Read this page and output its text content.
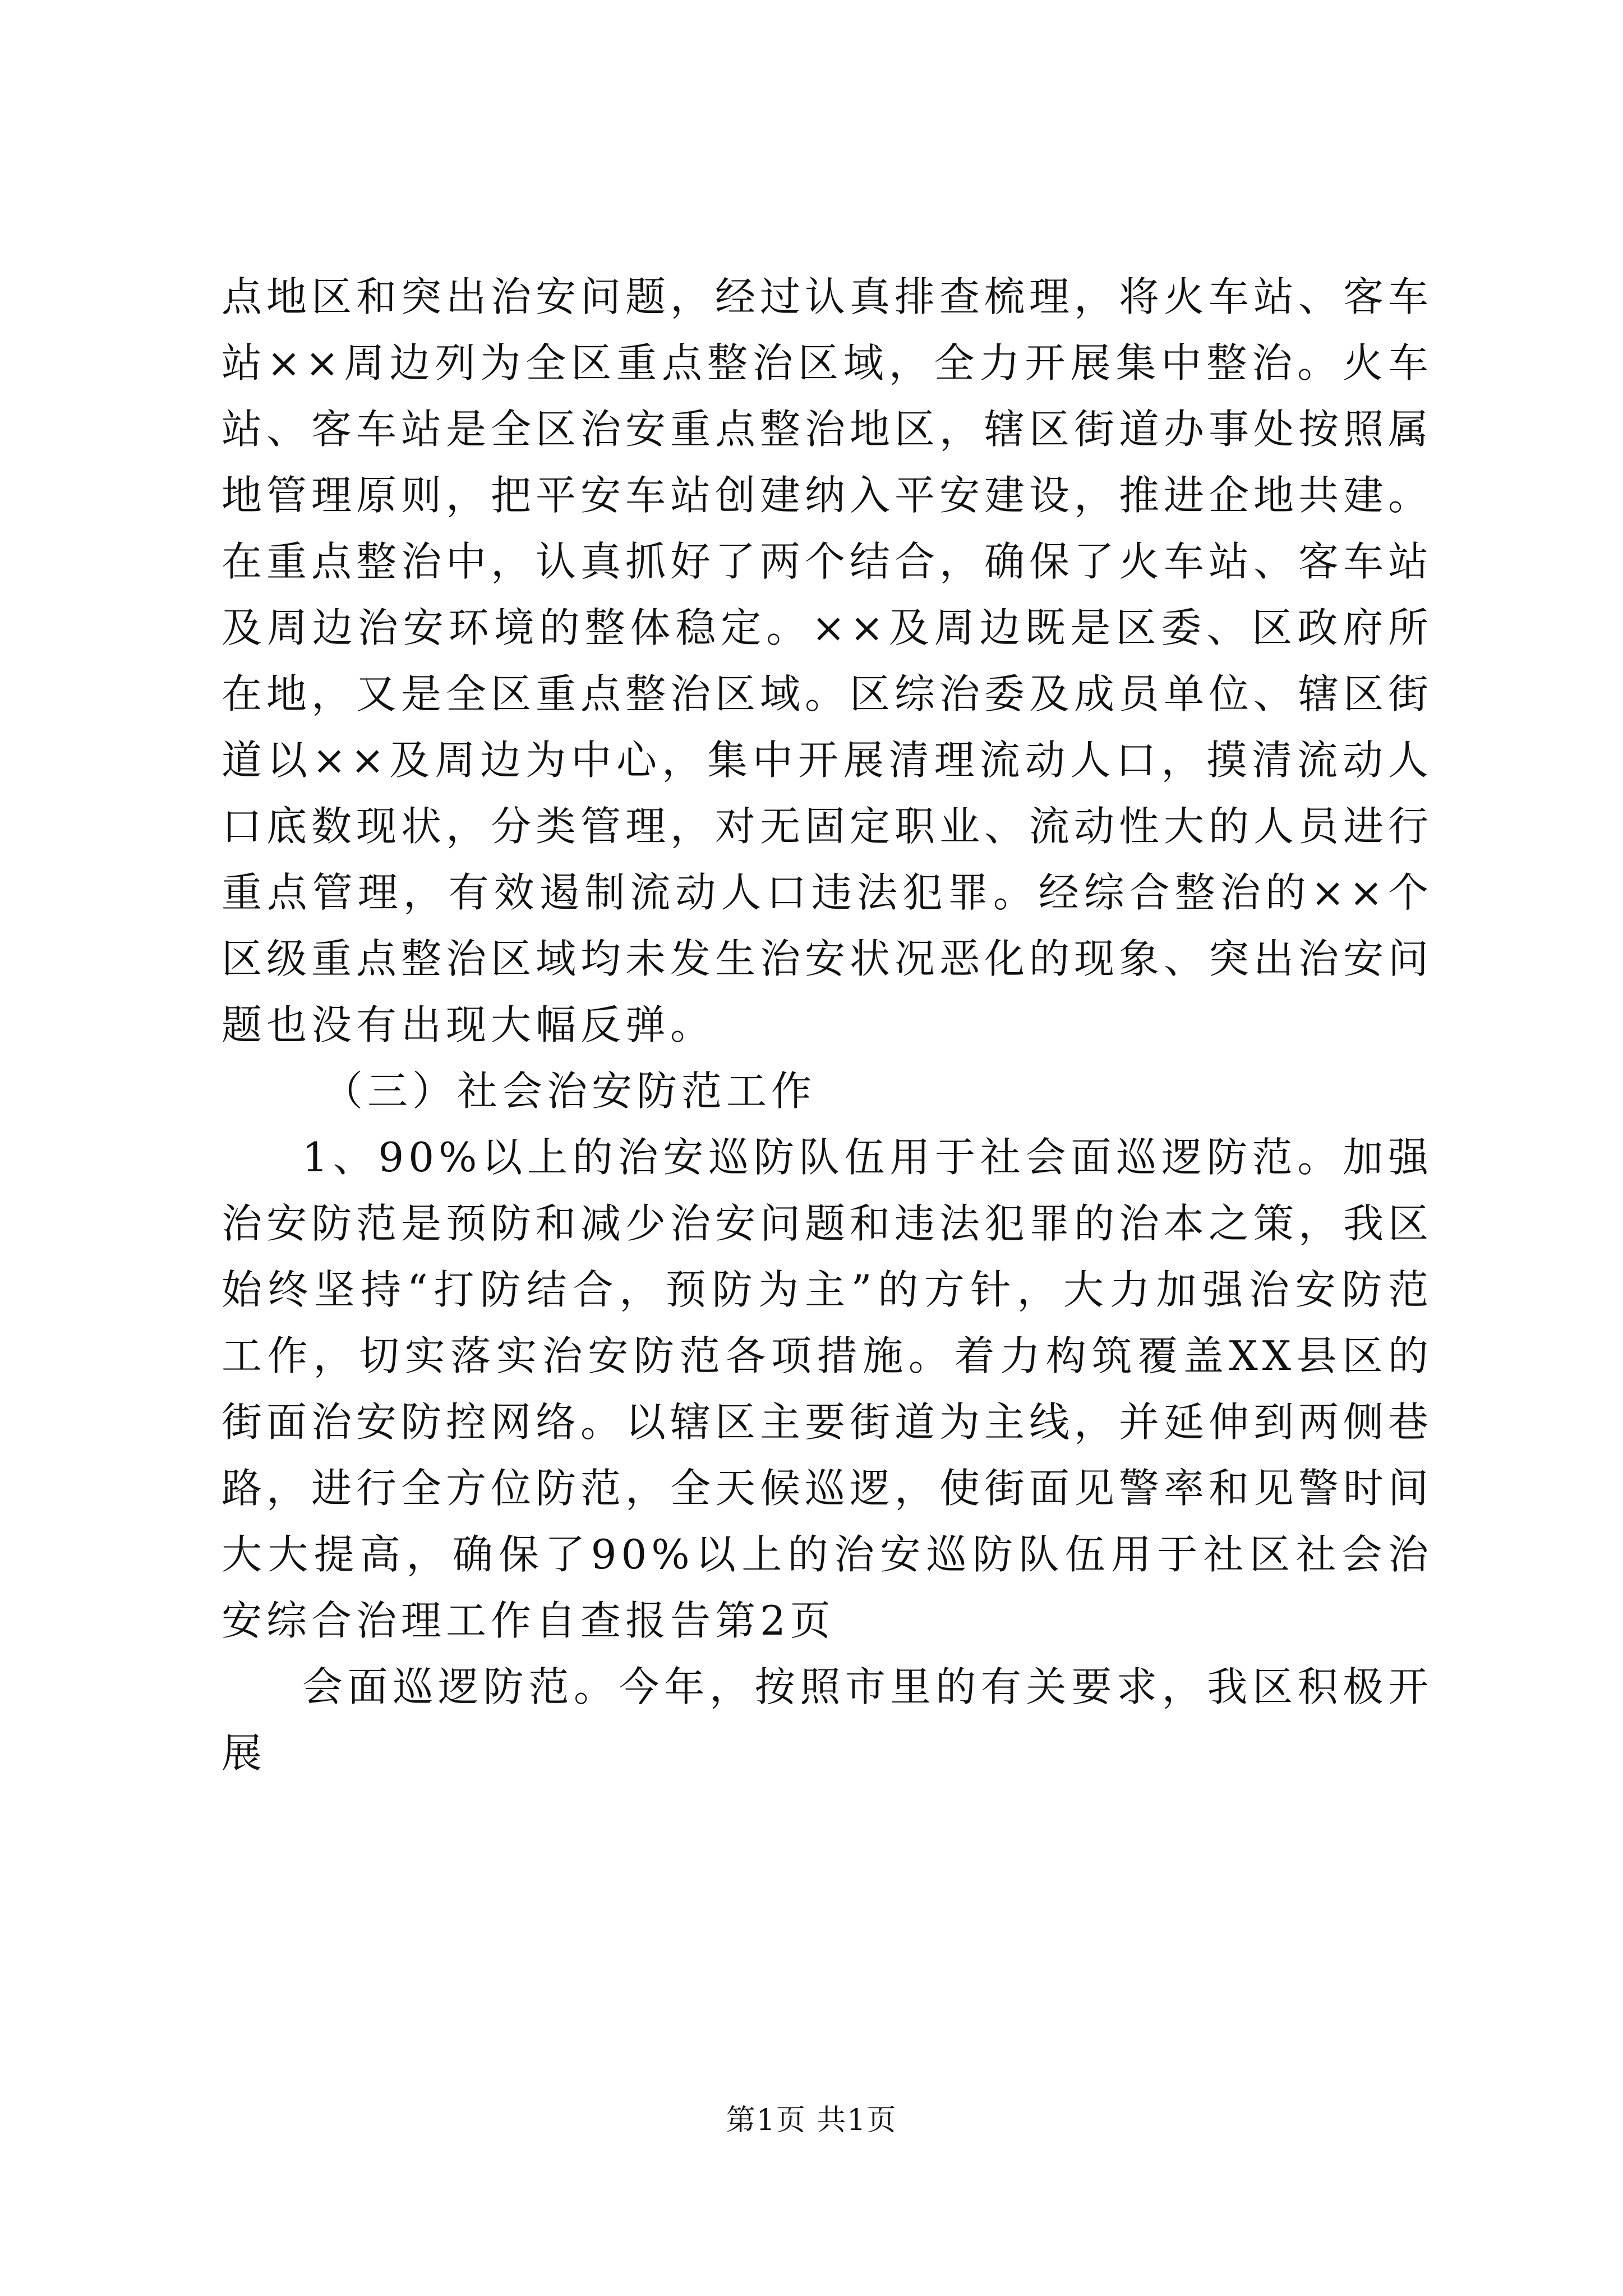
点地区和突出治安问题，经过认真排查梳理，将火车站、客车站××周边列为全区重点整治区域，全力开展集中整治。火车站、客车站是全区治安重点整治地区，辖区街道办事处按照属地管理原则，把平安车站创建纳入平安建设，推进企地共建。在重点整治中，认真抓好了两个结合，确保了火车站、客车站及周边治安环境的整体稳定。××及周边既是区委、区政府所在地，又是全区重点整治区域。区综治委及成员单位、辖区街道以××及周边为中心，集中开展清理流动人口，摸清流动人口底数现状，分类管理，对无固定职业、流动性大的人员进行重点管理，有效遏制流动人口违法犯罪。经综合整治的××个区级重点整治区域均未发生治安状况恶化的现象、突出治安问题也没有出现大幅反弹。

（三）社会治安防范工作

1、90%以上的治安巡防队伍用于社会面巡逻防范。加强治安防范是预防和减少治安问题和违法犯罪的治本之策，我区始终坚持“打防结合，预防为主”的方针，大力加强治安防范工作，切实落实治安防范各项措施。着力构筑覆盖XX县区的街面治安防控网络。以辖区主要街道为主线，并延伸到两侧巷路，进行全方位防范，全天候巡逻，使街面见警率和见警时间大大提高，确保了90%以上的治安巡防队伍用于社区社会治安综合治理工作自查报告第2页

会面巡逻防范。今年，按照市里的有关要求，我区积极开展

第1页 共1页
